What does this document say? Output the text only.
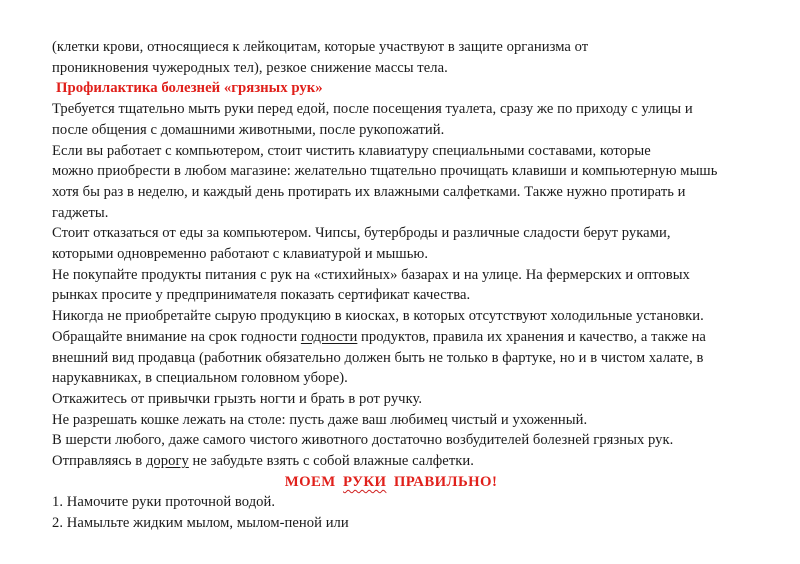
(клетки крови, относящиеся к лейкоцитам, которые участвуют в защите организма от
проникновения чужеродных тел), резкое снижение массы тела.
Профилактика болезней «грязных рук»
Требуется тщательно мыть руки перед едой, после посещения туалета, сразу же по приходу с улицы и
после общения с домашними животными, после рукопожатий.
Если вы работает с компьютером, стоит чистить клавиатуру специальными составами, которые
можно приобрести в любом магазине: желательно тщательно прочищать клавиши и компьютерную мышь
хотя бы раз в неделю, и каждый день протирать их влажными салфетками. Также нужно протирать и
гаджеты.
Стоит отказаться от еды за компьютером. Чипсы, бутерброды и различные сладости берут руками,
которыми одновременно работают с клавиатурой и мышью.
Не покупайте продукты питания с рук на «стихийных» базарах и на улице. На фермерских и оптовых
рынках просите у предпринимателя показать сертификат качества.
Никогда не приобретайте сырую продукцию в киосках, в которых отсутствуют холодильные установки.
Обращайте внимание на срок годности годности продуктов, правила их хранения и качество, а также на
внешний вид продавца (работник обязательно должен быть не только в фартуке, но и в чистом халате, в
нарукавниках, в специальном головном уборе).
Откажитесь от привычки грызть ногти и брать в рот ручку.
Не разрешать кошке лежать на столе: пусть даже ваш любимец чистый и ухоженный.
В шерсти любого, даже самого чистого животного достаточно возбудителей болезней грязных рук.
Отправляясь в дорогу не забудьте взять с собой влажные салфетки.
МОЕМ РУКИ ПРАВИЛЬНО!
1. Намочите руки проточной водой.
2. Намыльте жидким мылом, мылом-пеной или
